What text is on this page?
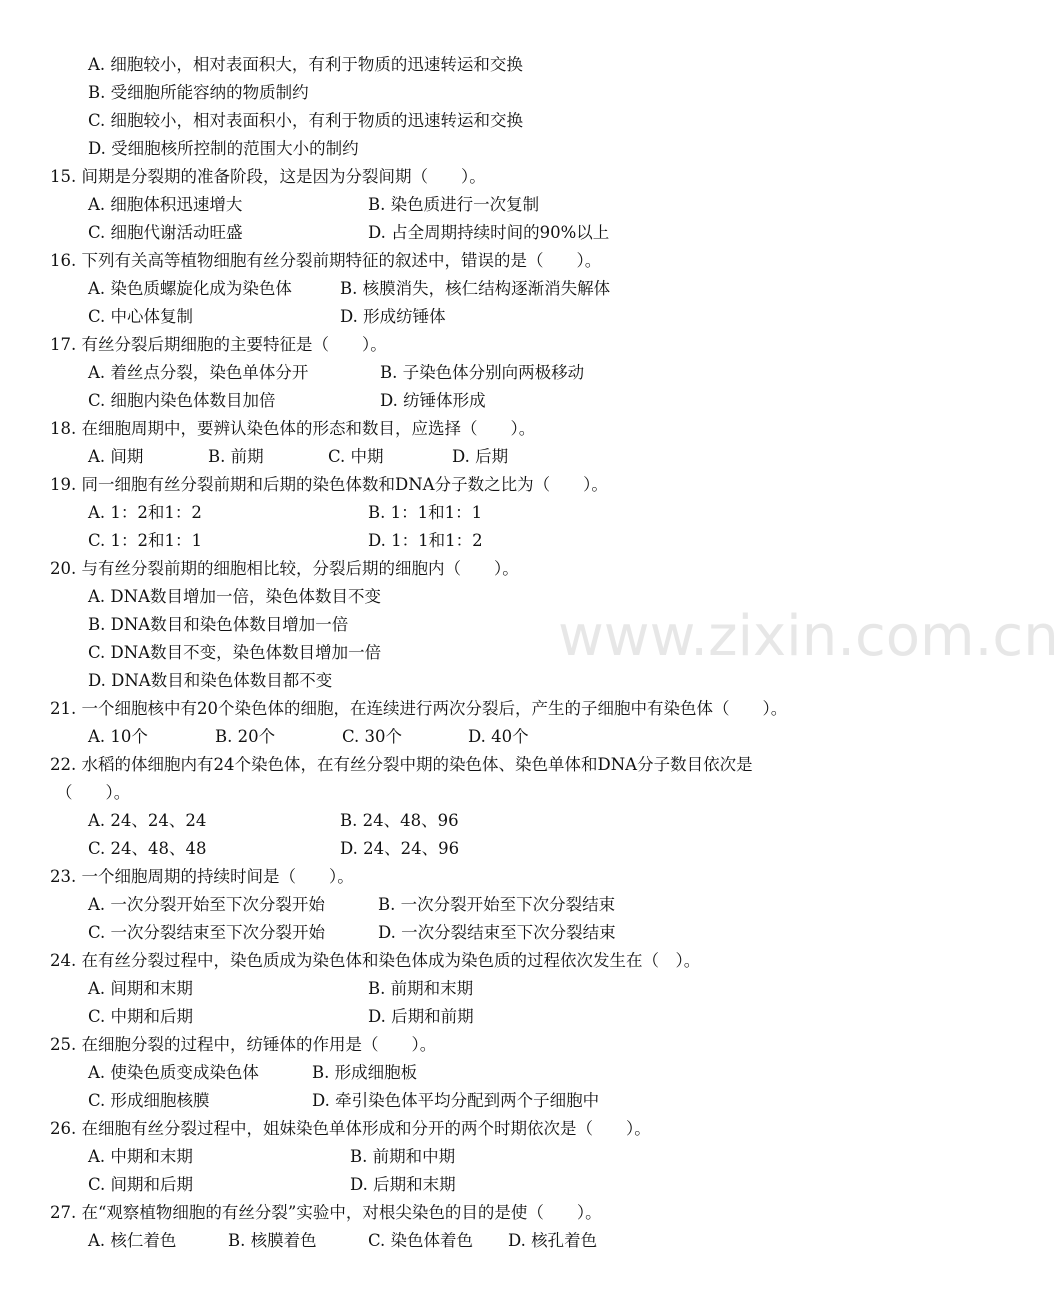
www.zixin.com.cn
A. 细胞较小，相对表面积大，有利于物质的迅速转运和交换
B. 受细胞所能容纳的物质制约
C. 细胞较小，相对表面积小，有利于物质的迅速转运和交换
D. 受细胞核所控制的范围大小的制约
15. 间期是分裂期的准备阶段，这是因为分裂间期（　　）。
A. 细胞体积迅速增大	B. 染色质进行一次复制
C. 细胞代谢活动旺盛	D. 占全周期持续时间的90%以上
16. 下列有关高等植物细胞有丝分裂前期特征的叙述中，错误的是（　　）。
A. 染色质螺旋化成为染色体	B. 核膜消失，核仁结构逐渐消失解体
C. 中心体复制	D. 形成纺锤体
17. 有丝分裂后期细胞的主要特征是（　　）。
A. 着丝点分裂，染色单体分开	B. 子染色体分别向两极移动
C. 细胞内染色体数目加倍	D. 纺锤体形成
18. 在细胞周期中，要辨认染色体的形态和数目，应选择（　　）。
A. 间期	B. 前期	C. 中期	D. 后期
19. 同一细胞有丝分裂前期和后期的染色体数和DNA分子数之比为（　　）。
A. 1：2和1：2	B. 1：1和1：1
C. 1：2和1：1	D. 1：1和1：2
20. 与有丝分裂前期的细胞相比较，分裂后期的细胞内（　　）。
A. DNA数目增加一倍，染色体数目不变
B. DNA数目和染色体数目增加一倍
C. DNA数目不变，染色体数目增加一倍
D. DNA数目和染色体数目都不变
21. 一个细胞核中有20个染色体的细胞，在连续进行两次分裂后，产生的子细胞中有染色体（　　）。
A. 10个	B. 20个	C. 30个	D. 40个
22. 水稻的体细胞内有24个染色体，在有丝分裂中期的染色体、染色单体和DNA分子数目依次是
（　　）。
A. 24、24、24	B. 24、48、96
C. 24、48、48	D. 24、24、96
23. 一个细胞周期的持续时间是（　　）。
A. 一次分裂开始至下次分裂开始	B. 一次分裂开始至下次分裂结束
C. 一次分裂结束至下次分裂开始	D. 一次分裂结束至下次分裂结束
24. 在有丝分裂过程中，染色质成为染色体和染色体成为染色质的过程依次发生在（　）。
A. 间期和末期	B. 前期和末期
C. 中期和后期	D. 后期和前期
25. 在细胞分裂的过程中，纺锤体的作用是（　　）。
A. 使染色质变成染色体	B. 形成细胞板
C. 形成细胞核膜	D. 牵引染色体平均分配到两个子细胞中
26. 在细胞有丝分裂过程中，姐妹染色单体形成和分开的两个时期依次是（　　）。
A. 中期和末期	B. 前期和中期
C. 间期和后期	D. 后期和末期
27. 在“观察植物细胞的有丝分裂”实验中，对根尖染色的目的是使（　　）。
A. 核仁着色	B. 核膜着色	C. 染色体着色 D. 核孔着色
